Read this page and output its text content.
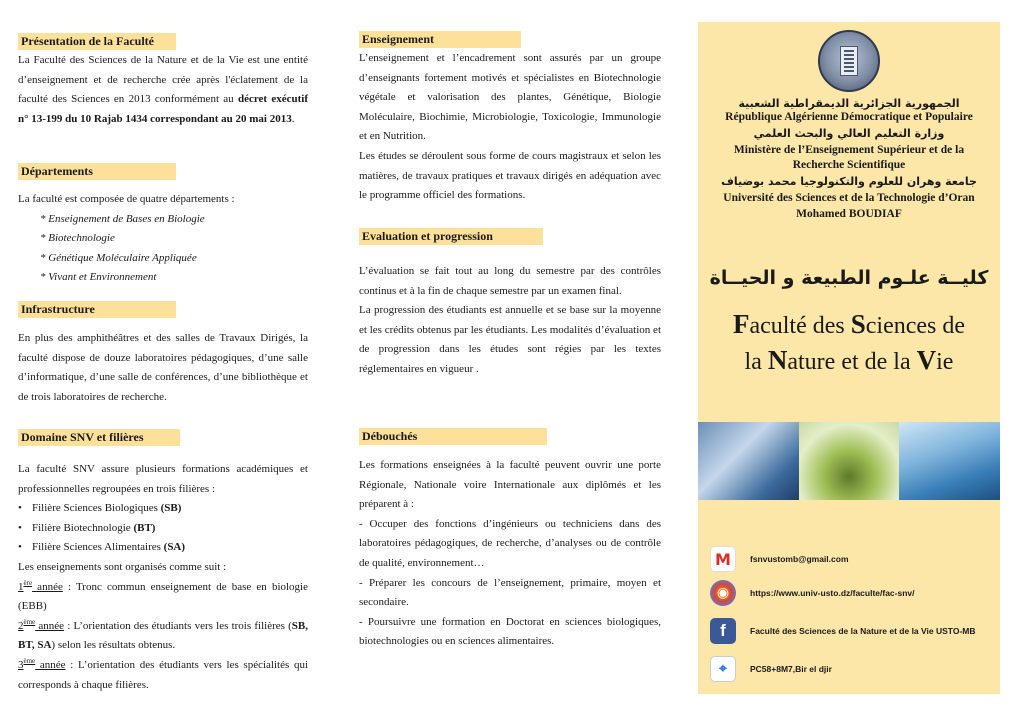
Présentation de la Faculté
La Faculté des Sciences de la Nature et de la Vie est une entité d’enseignement et de recherche crée après l'éclatement de la faculté des Sciences en 2013 conformément au décret exécutif n° 13-199 du 10 Rajab 1434 correspondant au 20 mai 2013.
Départements
La faculté est composée de quatre départements :
* Enseignement de Bases en Biologie
* Biotechnologie
* Génétique Moléculaire Appliquée
* Vivant et Environnement
Infrastructure
En plus des amphithéâtres et des salles de Travaux Dirigés, la faculté dispose de douze laboratoires pédagogiques, d’une salle d’informatique, d’une salle de conférences, d’une bibliothèque et de trois laboratoires de recherche.
Domaine SNV et filières
La faculté SNV assure plusieurs formations académiques et professionnelles regroupées en trois filières :
• Filière Sciences Biologiques (SB)
• Filière Biotechnologie (BT)
• Filière Sciences Alimentaires (SA)
Les enseignements sont organisés comme suit :
1ère année : Tronc commun enseignement de base en biologie (EBB)
2ème année : L’orientation des étudiants vers les trois filières (SB, BT, SA) selon les résultats obtenus.
3ème année : L’orientation des étudiants vers les spécialités qui corresponds à chaque filières.
Enseignement
L’enseignement et l’encadrement sont assurés par un groupe d’enseignants fortement motivés et spécialistes en Biotechnologie végétale et valorisation des plantes, Génétique, Biologie Moléculaire, Biochimie, Microbiologie, Toxicologie, Immunologie et en Nutrition.
Les études se déroulent sous forme de cours magistraux et selon les matières, de travaux pratiques et travaux dirigés en adéquation avec le programme officiel des formations.
Evaluation et progression
L’évaluation se fait tout au long du semestre par des contrôles continus et à la fin de chaque semestre par un examen final.
La progression des étudiants est annuelle et se base sur la moyenne et les crédits obtenus par les étudiants. Les modalités d’évaluation et de progression dans les études sont régies par les textes réglementaires en vigueur .
Débouchés
Les formations enseignées à la faculté peuvent ouvrir une porte Régionale, Nationale voire Internationale aux diplômés et les préparent à :
- Occuper des fonctions d’ingénieurs ou techniciens dans des laboratoires pédagogiques, de recherche, d’analyses ou de contrôle de qualité, environnement…
- Préparer les concours de l’enseignement, primaire, moyen et secondaire.
- Poursuivre une formation en Doctorat en sciences biologiques, biotechnologies ou en sciences alimentaires.
الجمهورية الجزائرية الديمقراطية الشعبية
République Algérienne Démocratique et Populaire
وزارة التعليم العالي والبحث العلمي
Ministère de l’Enseignement Supérieur et de la
Recherche Scientifique
جامعة وهران للعلوم والتكنولوجيا محمد بوضياف
Université des Sciences et de la Technologie d’Oran
Mohamed BOUDIAF
كليــة علـوم الطبيعة و الحيــاة
Faculté des Sciences de
la Nature et de la Vie
M	fsnvustomb@gmail.com
◉	https://www.univ-usto.dz/faculte/fac-snv/
f	Faculté des Sciences de la Nature et de la Vie USTO-MB
⌖	PC58+8M7,Bir el djir
